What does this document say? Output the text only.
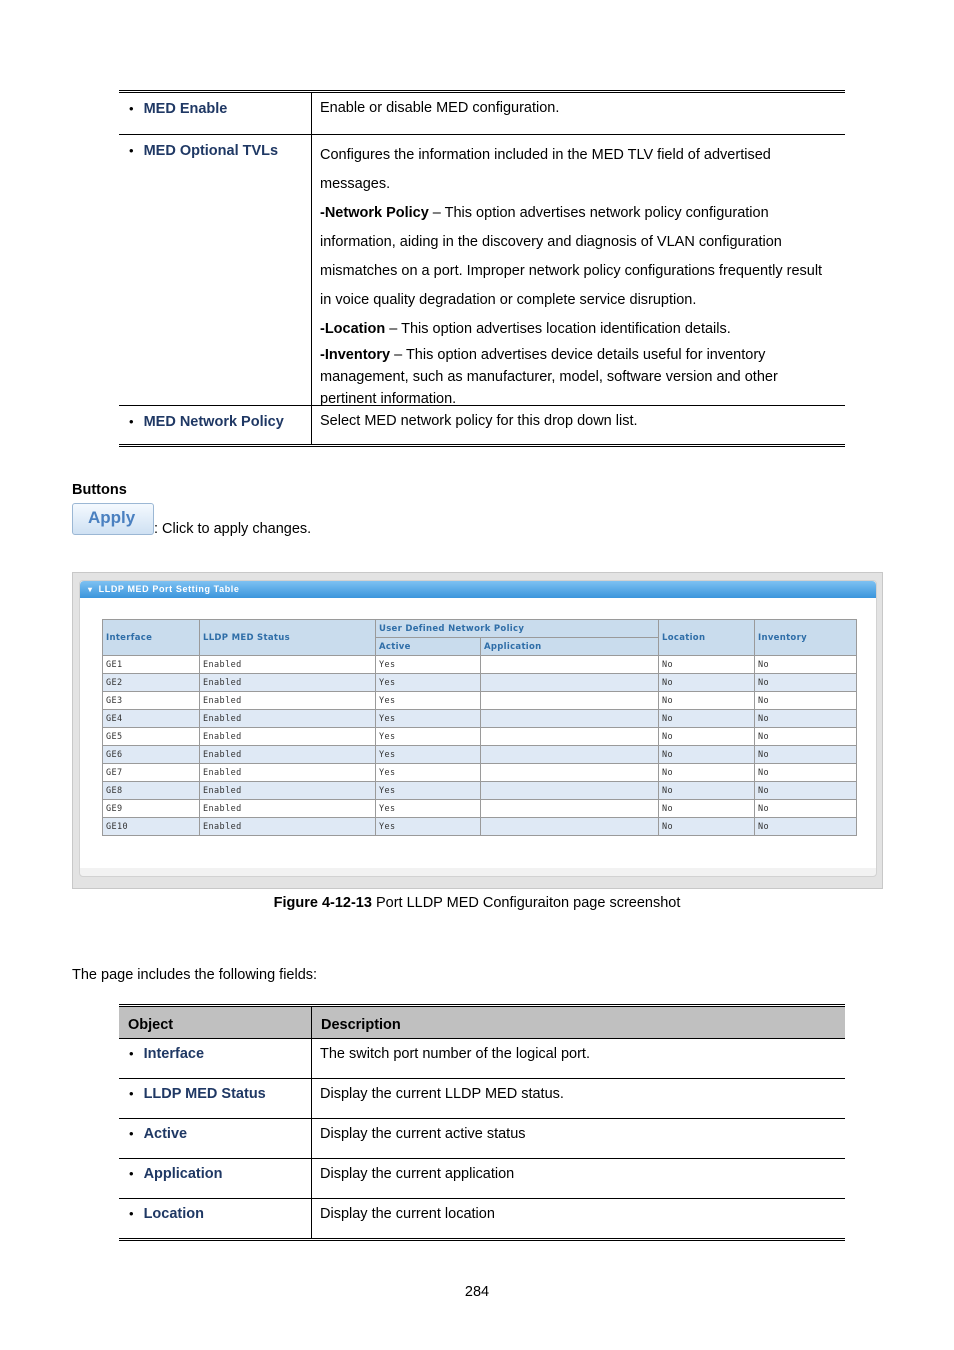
• MED Enable	Enable or disable MED configuration.

• MED Optional TVLs	Configures the information included in the MED TLV field of advertised messages.

-Network Policy – This option advertises network policy configuration information, aiding in the discovery and diagnosis of VLAN configuration mismatches on a port. Improper network policy configurations frequently result in voice quality degradation or complete service disruption.

-Location – This option advertises location identification details.

-Inventory – This option advertises device details useful for inventory management, such as manufacturer, model, software version and other pertinent information.

• MED Network Policy	Select MED network policy for this drop down list.

Buttons
Apply
: Click to apply changes.
▾ LLDP MED Port Setting Table
Interface	LLDP MED Status	User Defined Network Policy		Location	Inventory
		Active	Application		
GE1	Enabled	Yes		No	No
GE2	Enabled	Yes		No	No
GE3	Enabled	Yes		No	No
GE4	Enabled	Yes		No	No
GE5	Enabled	Yes		No	No
GE6	Enabled	Yes		No	No
GE7	Enabled	Yes		No	No
GE8	Enabled	Yes		No	No
GE9	Enabled	Yes		No	No
GE10	Enabled	Yes		No	No
Figure 4-12-13 Port LLDP MED Configuraiton page screenshot
The page includes the following fields:
Object	Description
• Interface	The switch port number of the logical port.
• LLDP MED Status	Display the current LLDP MED status.
• Active	Display the current active status
• Application	Display the current application
• Location	Display the current location
284
